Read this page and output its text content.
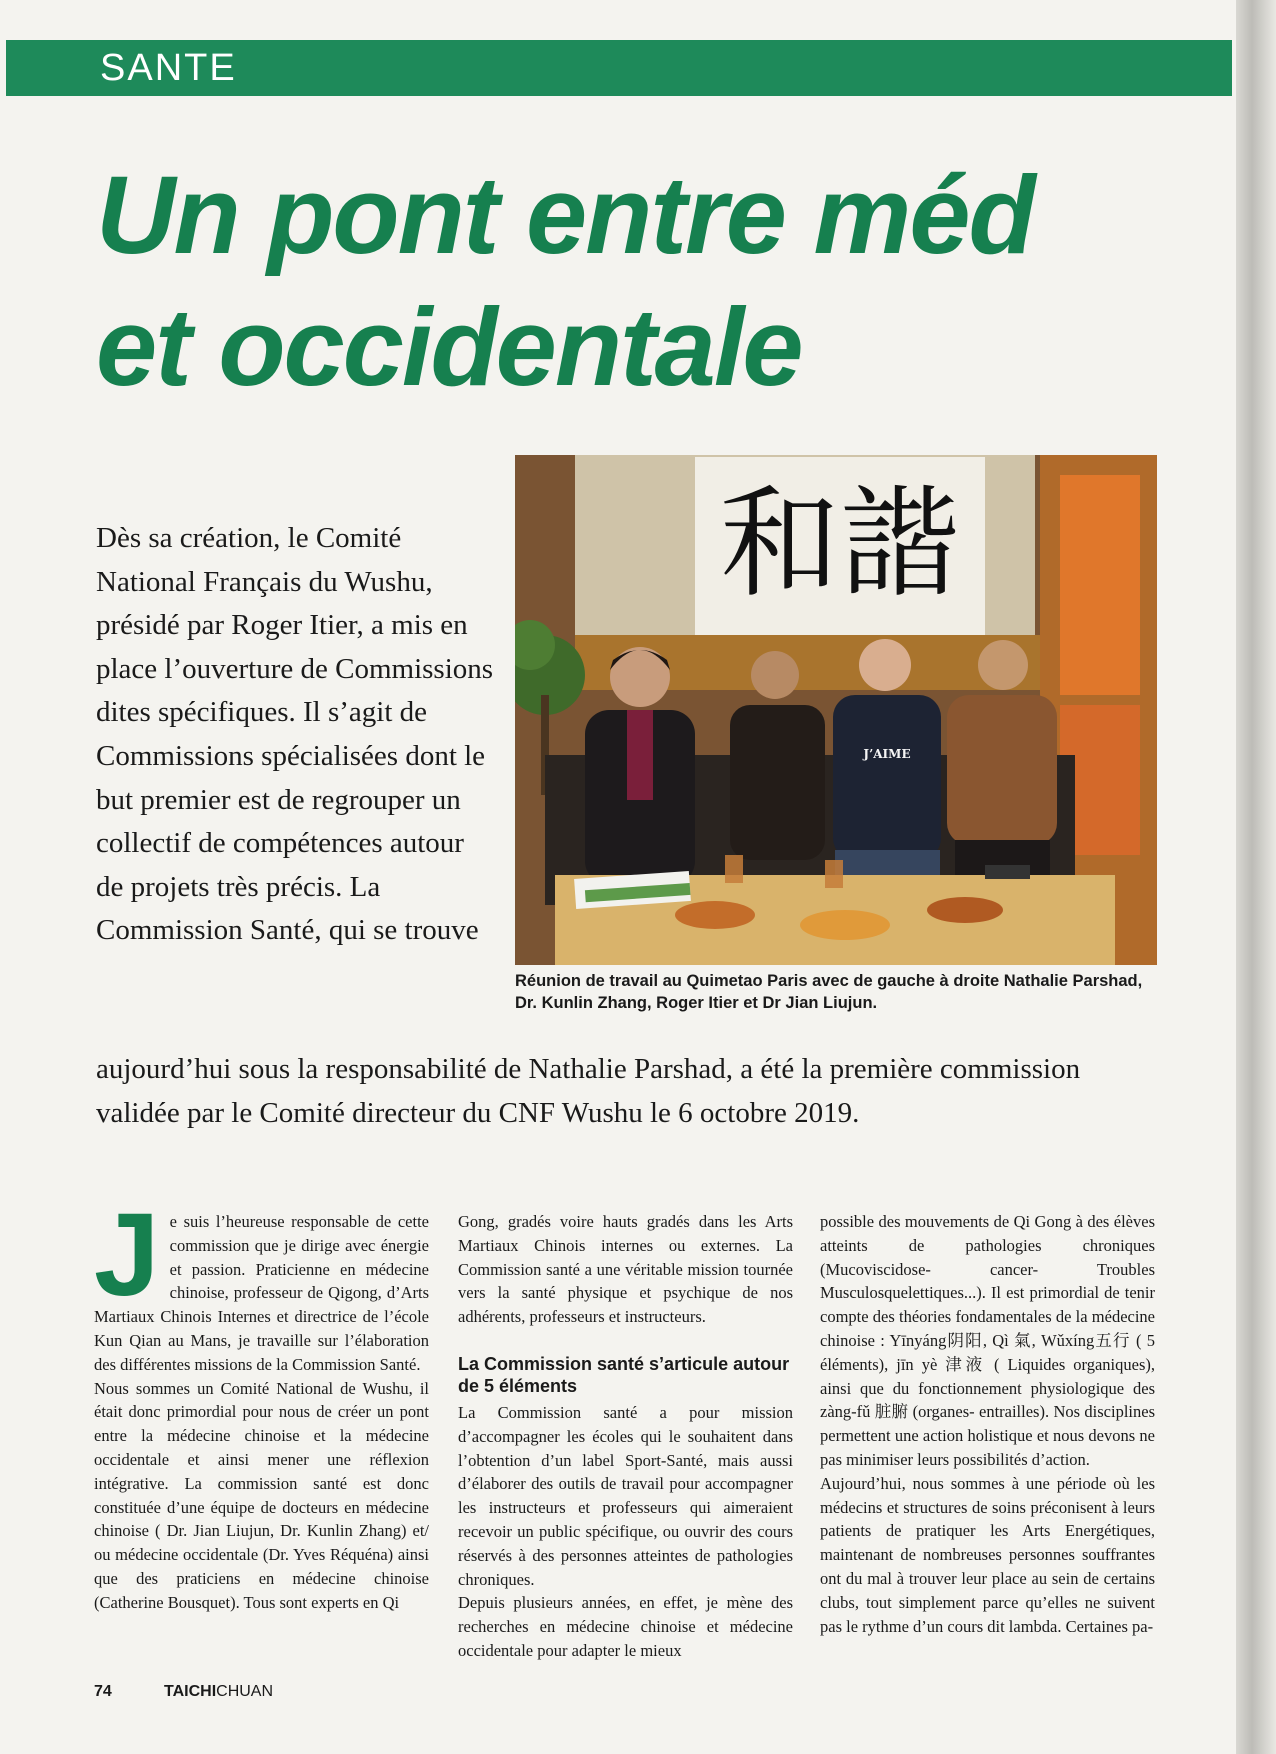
SANTE
Un pont entre méd
et occidentale

Dès sa création, le Comité National Français du Wushu, présidé par Roger Itier, a mis en place l’ouverture de Commissions dites spécifiques. Il s’agit de Commissions spécialisées dont le but premier est de regrouper un collectif de compétences autour de projets très précis. La Commission Santé, qui se trouve

和諧
J’AIME

Réunion de travail au Quimetao Paris avec de gauche à droite Nathalie Parshad, Dr. Kunlin Zhang, Roger Itier et Dr Jian Liujun.

aujourd’hui sous la responsabilité de Nathalie Parshad, a été la première commission validée par le Comité directeur du CNF Wushu le 6 octobre 2019.

Je suis l’heureuse responsable de cette commission que je dirige avec énergie et passion. Praticienne en médecine chinoise, professeur de Qigong, d’Arts Martiaux Chinois Internes et directrice de l’école Kun Qian au Mans, je travaille sur l’élaboration des différentes missions de la Commission Santé.

Nous sommes un Comité National de Wushu, il était donc primordial pour nous de créer un pont entre la médecine chinoise et la médecine occidentale et ainsi mener une réflexion intégrative. La commission santé est donc constituée d’une équipe de docteurs en médecine chinoise ( Dr. Jian Liujun, Dr. Kunlin Zhang) et/ ou médecine occidentale (Dr. Yves Réquéna) ainsi que des praticiens en médecine chinoise (Catherine Bousquet). Tous sont experts en Qi

Gong, gradés voire hauts gradés dans les Arts Martiaux Chinois internes ou externes. La Commission santé a une véritable mission tournée vers la santé physique et psychique de nos adhérents, professeurs et instructeurs.

La Commission santé s’articule autour de 5 éléments

La Commission santé a pour mission d’accompagner les écoles qui le souhaitent dans l’obtention d’un label Sport-Santé, mais aussi d’élaborer des outils de travail pour accompagner les instructeurs et professeurs qui aimeraient recevoir un public spécifique, ou ouvrir des cours réservés à des personnes atteintes de pathologies chroniques.

Depuis plusieurs années, en effet, je mène des recherches en médecine chinoise et médecine occidentale pour adapter le mieux

possible des mouvements de Qi Gong à des élèves atteints de pathologies chroniques (Mucoviscidose- cancer- Troubles Musculosquelettiques...). Il est primordial de tenir compte des théories fondamentales de la médecine chinoise : Yīnyáng阴阳, Qì 氣, Wǔxíng五行 ( 5 éléments), jīn yè 津液 ( Liquides organiques), ainsi que du fonctionnement physiologique des zàng-fǔ 脏腑 (organes- entrailles). Nos disciplines permettent une action holistique et nous devons ne pas minimiser leurs possibilités d’action.

Aujourd’hui, nous sommes à une période où les médecins et structures de soins préconisent à leurs patients de pratiquer les Arts Energétiques, maintenant de nombreuses personnes souffrantes ont du mal à trouver leur place au sein de certains clubs, tout simplement parce qu’elles ne suivent pas le rythme d’un cours dit lambda. Certaines pa-

74	TAICHICHUAN
